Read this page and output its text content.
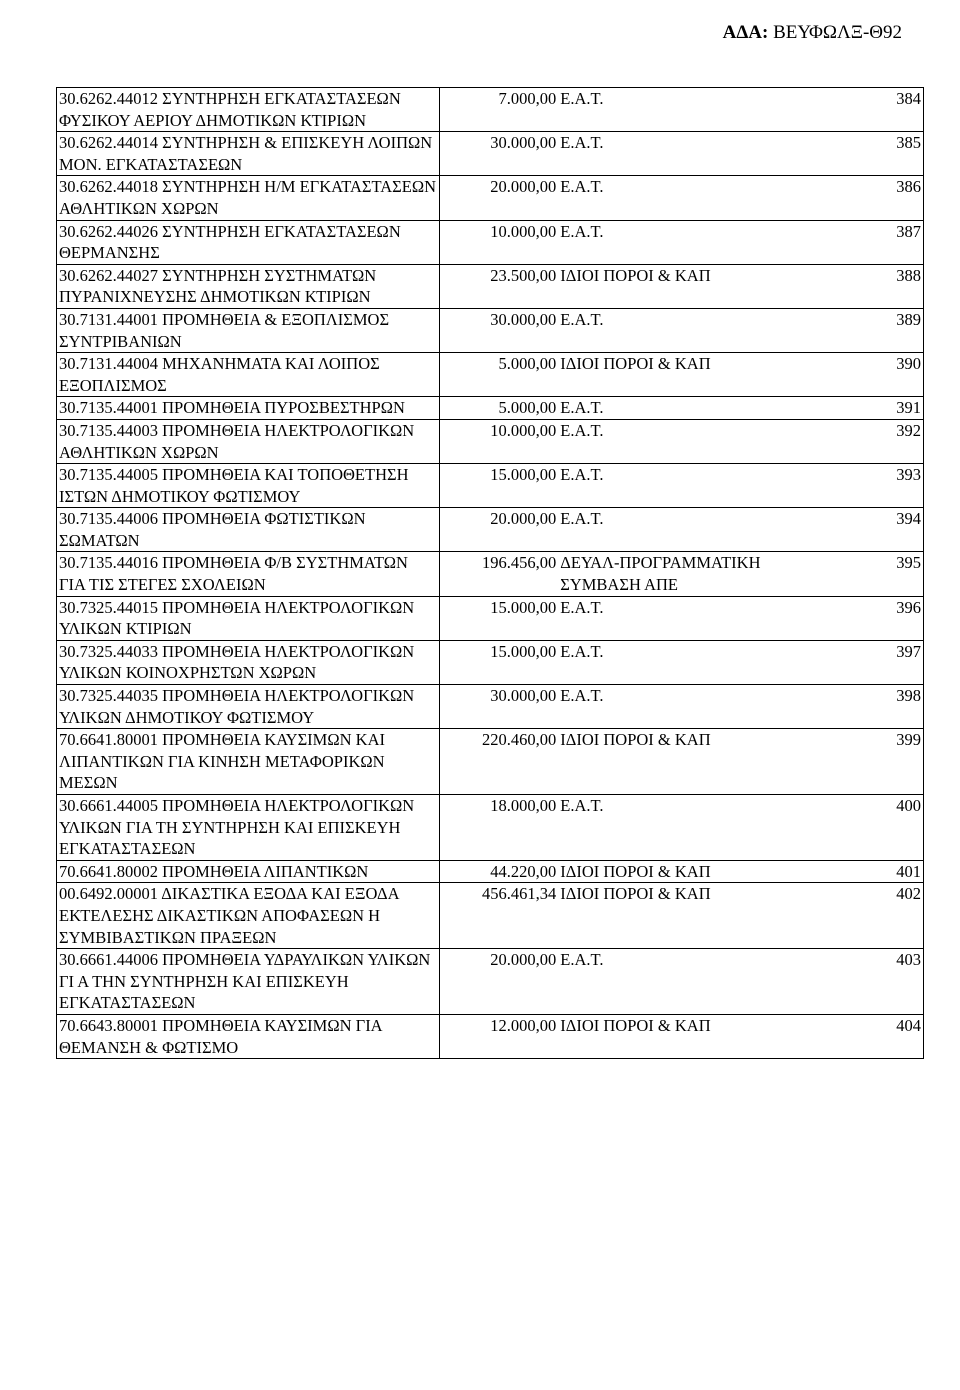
ΑΔΑ: ΒΕΥΦΩΛΞ-Θ92
30.6262.44012 ΣΥΝΤΗΡΗΣΗ ΕΓΚΑΤΑΣΤΑΣΕΩΝ ΦΥΣΙΚΟΥ ΑΕΡΙΟΥ ΔΗΜΟΤΙΚΩΝ ΚΤΙΡΙΩΝ	7.000,00	Ε.Α.Τ.	384
30.6262.44014 ΣΥΝΤΗΡΗΣΗ & ΕΠΙΣΚΕΥΗ ΛΟΙΠΩΝ ΜΟΝ. ΕΓΚΑΤΑΣΤΑΣΕΩΝ	30.000,00	Ε.Α.Τ.	385
30.6262.44018 ΣΥΝΤΗΡΗΣΗ Η/Μ ΕΓΚΑΤΑΣΤΑΣΕΩΝ ΑΘΛΗΤΙΚΩΝ ΧΩΡΩΝ	20.000,00	Ε.Α.Τ.	386
30.6262.44026 ΣΥΝΤΗΡΗΣΗ ΕΓΚΑΤΑΣΤΑΣΕΩΝ ΘΕΡΜΑΝΣΗΣ	10.000,00	Ε.Α.Τ.	387
30.6262.44027 ΣΥΝΤΗΡΗΣΗ ΣΥΣΤΗΜΑΤΩΝ ΠΥΡΑΝΙΧΝΕΥΣΗΣ ΔΗΜΟΤΙΚΩΝ ΚΤΙΡΙΩΝ	23.500,00	ΙΔΙΟΙ ΠΟΡΟΙ & ΚΑΠ	388
30.7131.44001 ΠΡΟΜΗΘΕΙΑ & ΕΞΟΠΛΙΣΜΟΣ ΣΥΝΤΡΙΒΑΝΙΩΝ	30.000,00	Ε.Α.Τ.	389
30.7131.44004 ΜΗΧΑΝΗΜΑΤΑ ΚΑΙ ΛΟΙΠΟΣ ΕΞΟΠΛΙΣΜΟΣ	5.000,00	ΙΔΙΟΙ ΠΟΡΟΙ & ΚΑΠ	390
30.7135.44001 ΠΡΟΜΗΘΕΙΑ ΠΥΡΟΣΒΕΣΤΗΡΩΝ	5.000,00	Ε.Α.Τ.	391
30.7135.44003 ΠΡΟΜΗΘΕΙΑ ΗΛΕΚΤΡΟΛΟΓΙΚΩΝ ΑΘΛΗΤΙΚΩΝ ΧΩΡΩΝ	10.000,00	Ε.Α.Τ.	392
30.7135.44005 ΠΡΟΜΗΘΕΙΑ ΚΑΙ ΤΟΠΟΘΕΤΗΣΗ ΙΣΤΩΝ ΔΗΜΟΤΙΚΟΥ ΦΩΤΙΣΜΟΥ	15.000,00	Ε.Α.Τ.	393
30.7135.44006 ΠΡΟΜΗΘΕΙΑ ΦΩΤΙΣΤΙΚΩΝ ΣΩΜΑΤΩΝ	20.000,00	Ε.Α.Τ.	394
30.7135.44016 ΠΡΟΜΗΘΕΙΑ Φ/Β ΣΥΣΤΗΜΑΤΩΝ ΓΙΑ ΤΙΣ ΣΤΕΓΕΣ ΣΧΟΛΕΙΩΝ	196.456,00	ΔΕΥΑΛ-ΠΡΟΓΡΑΜΜΑΤΙΚΗ ΣΥΜΒΑΣΗ ΑΠΕ	395
30.7325.44015 ΠΡΟΜΗΘΕΙΑ ΗΛΕΚΤΡΟΛΟΓΙΚΩΝ ΥΛΙΚΩΝ ΚΤΙΡΙΩΝ	15.000,00	Ε.Α.Τ.	396
30.7325.44033 ΠΡΟΜΗΘΕΙΑ ΗΛΕΚΤΡΟΛΟΓΙΚΩΝ ΥΛΙΚΩΝ ΚΟΙΝΟΧΡΗΣΤΩΝ ΧΩΡΩΝ	15.000,00	Ε.Α.Τ.	397
30.7325.44035 ΠΡΟΜΗΘΕΙΑ ΗΛΕΚΤΡΟΛΟΓΙΚΩΝ ΥΛΙΚΩΝ ΔΗΜΟΤΙΚΟΥ ΦΩΤΙΣΜΟΥ	30.000,00	Ε.Α.Τ.	398
70.6641.80001 ΠΡΟΜΗΘΕΙΑ ΚΑΥΣΙΜΩΝ ΚΑΙ ΛΙΠΑΝΤΙΚΩΝ ΓΙΑ ΚΙΝΗΣΗ ΜΕΤΑΦΟΡΙΚΩΝ ΜΕΣΩΝ	220.460,00	ΙΔΙΟΙ ΠΟΡΟΙ & ΚΑΠ	399
30.6661.44005 ΠΡΟΜΗΘΕΙΑ ΗΛΕΚΤΡΟΛΟΓΙΚΩΝ ΥΛΙΚΩΝ ΓΙΑ ΤΗ ΣΥΝΤΗΡΗΣΗ ΚΑΙ ΕΠΙΣΚΕΥΗ ΕΓΚΑΤΑΣΤΑΣΕΩΝ	18.000,00	Ε.Α.Τ.	400
70.6641.80002 ΠΡΟΜΗΘΕΙΑ ΛΙΠΑΝΤΙΚΩΝ	44.220,00	ΙΔΙΟΙ ΠΟΡΟΙ & ΚΑΠ	401
00.6492.00001 ΔΙΚΑΣΤΙΚΑ ΕΞΟΔΑ ΚΑΙ ΕΞΟΔΑ ΕΚΤΕΛΕΣΗΣ ΔΙΚΑΣΤΙΚΩΝ ΑΠΟΦΑΣΕΩΝ Η ΣΥΜΒΙΒΑΣΤΙΚΩΝ ΠΡΑΞΕΩΝ	456.461,34	ΙΔΙΟΙ ΠΟΡΟΙ & ΚΑΠ	402
30.6661.44006 ΠΡΟΜΗΘΕΙΑ ΥΔΡΑΥΛΙΚΩΝ ΥΛΙΚΩΝ ΓΙ Α ΤΗΝ ΣΥΝΤΗΡΗΣΗ ΚΑΙ ΕΠΙΣΚΕΥΗ ΕΓΚΑΤΑΣΤΑΣΕΩΝ	20.000,00	Ε.Α.Τ.	403
70.6643.80001 ΠΡΟΜΗΘΕΙΑ ΚΑΥΣΙΜΩΝ ΓΙΑ ΘΕΜΑΝΣΗ & ΦΩΤΙΣΜΟ	12.000,00	ΙΔΙΟΙ ΠΟΡΟΙ & ΚΑΠ	404
